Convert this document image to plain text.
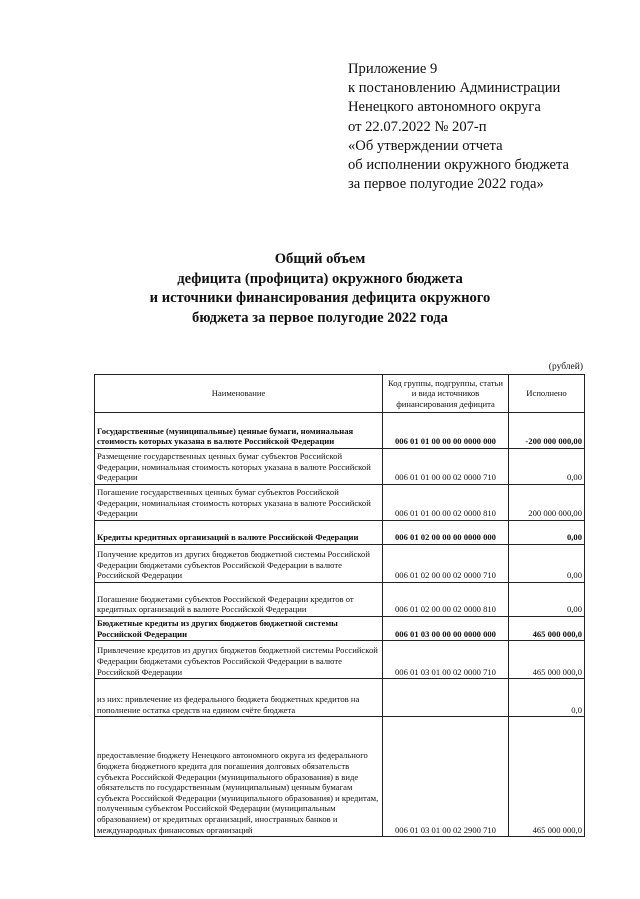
Приложение 9
к постановлению Администрации
Ненецкого автономного округа
от 22.07.2022 № 207-п
«Об утверждении отчета
об исполнении окружного бюджета
за первое полугодие 2022 года»
Общий объем
дефицита (профицита) окружного бюджета
и источники финансирования дефицита окружного
бюджета за первое полугодие 2022 года
(рублей)
Наименование	Код группы, подгруппы, статьи и вида источников финансирования дефицита	Исполнено
Государственные (муниципальные) ценные бумаги, номинальная стоимость которых указана в валюте Российской Федерации	006 01 01 00 00 00 0000 000	-200 000 000,00
Размещение государственных ценных бумаг субъектов Российской Федерации, номинальная стоимость которых указана в валюте Российской Федерации	006 01 01 00 00 02 0000 710	0,00
Погашение государственных ценных бумаг субъектов Российской Федерации, номинальная стоимость которых указана в валюте Российской Федерации	006 01 01 00 00 02 0000 810	200 000 000,00
Кредиты кредитных организаций в валюте Российской Федерации	006 01 02 00 00 00 0000 000	0,00
Получение кредитов из других бюджетов бюджетной системы Российской Федерации бюджетами субъектов Российской Федерации в валюте Российской Федерации	006 01 02 00 00 02 0000 710	0,00
Погашение бюджетами субъектов Российской Федерации кредитов от кредитных организаций в валюте Российской Федерации	006 01 02 00 00 02 0000 810	0,00
Бюджетные кредиты из других бюджетов бюджетной системы Российской Федерации	006 01 03 00 00 00 0000 000	465 000 000,0
Привлечение кредитов из других бюджетов бюджетной системы Российской Федерации бюджетами субъектов Российской Федерации в валюте Российской Федерации	006 01 03 01 00 02 0000 710	465 000 000,0
из них: привлечение из федерального бюджета бюджетных кредитов на пополнение остатка средств на едином счёте бюджета		0,0
предоставление бюджету Ненецкого автономного округа из федерального бюджета бюджетного кредита для погашения долговых обязательств субъекта Российской Федерации (муниципального образования) в виде обязательств по государственным (муниципальным) ценным бумагам субъекта Российской Федерации (муниципального образования) и кредитам, полученным субъектом Российской Федерации (муниципальным образованием) от кредитных организаций, иностранных банков и международных финансовых организаций	006 01 03 01 00 02 2900 710	465 000 000,0
